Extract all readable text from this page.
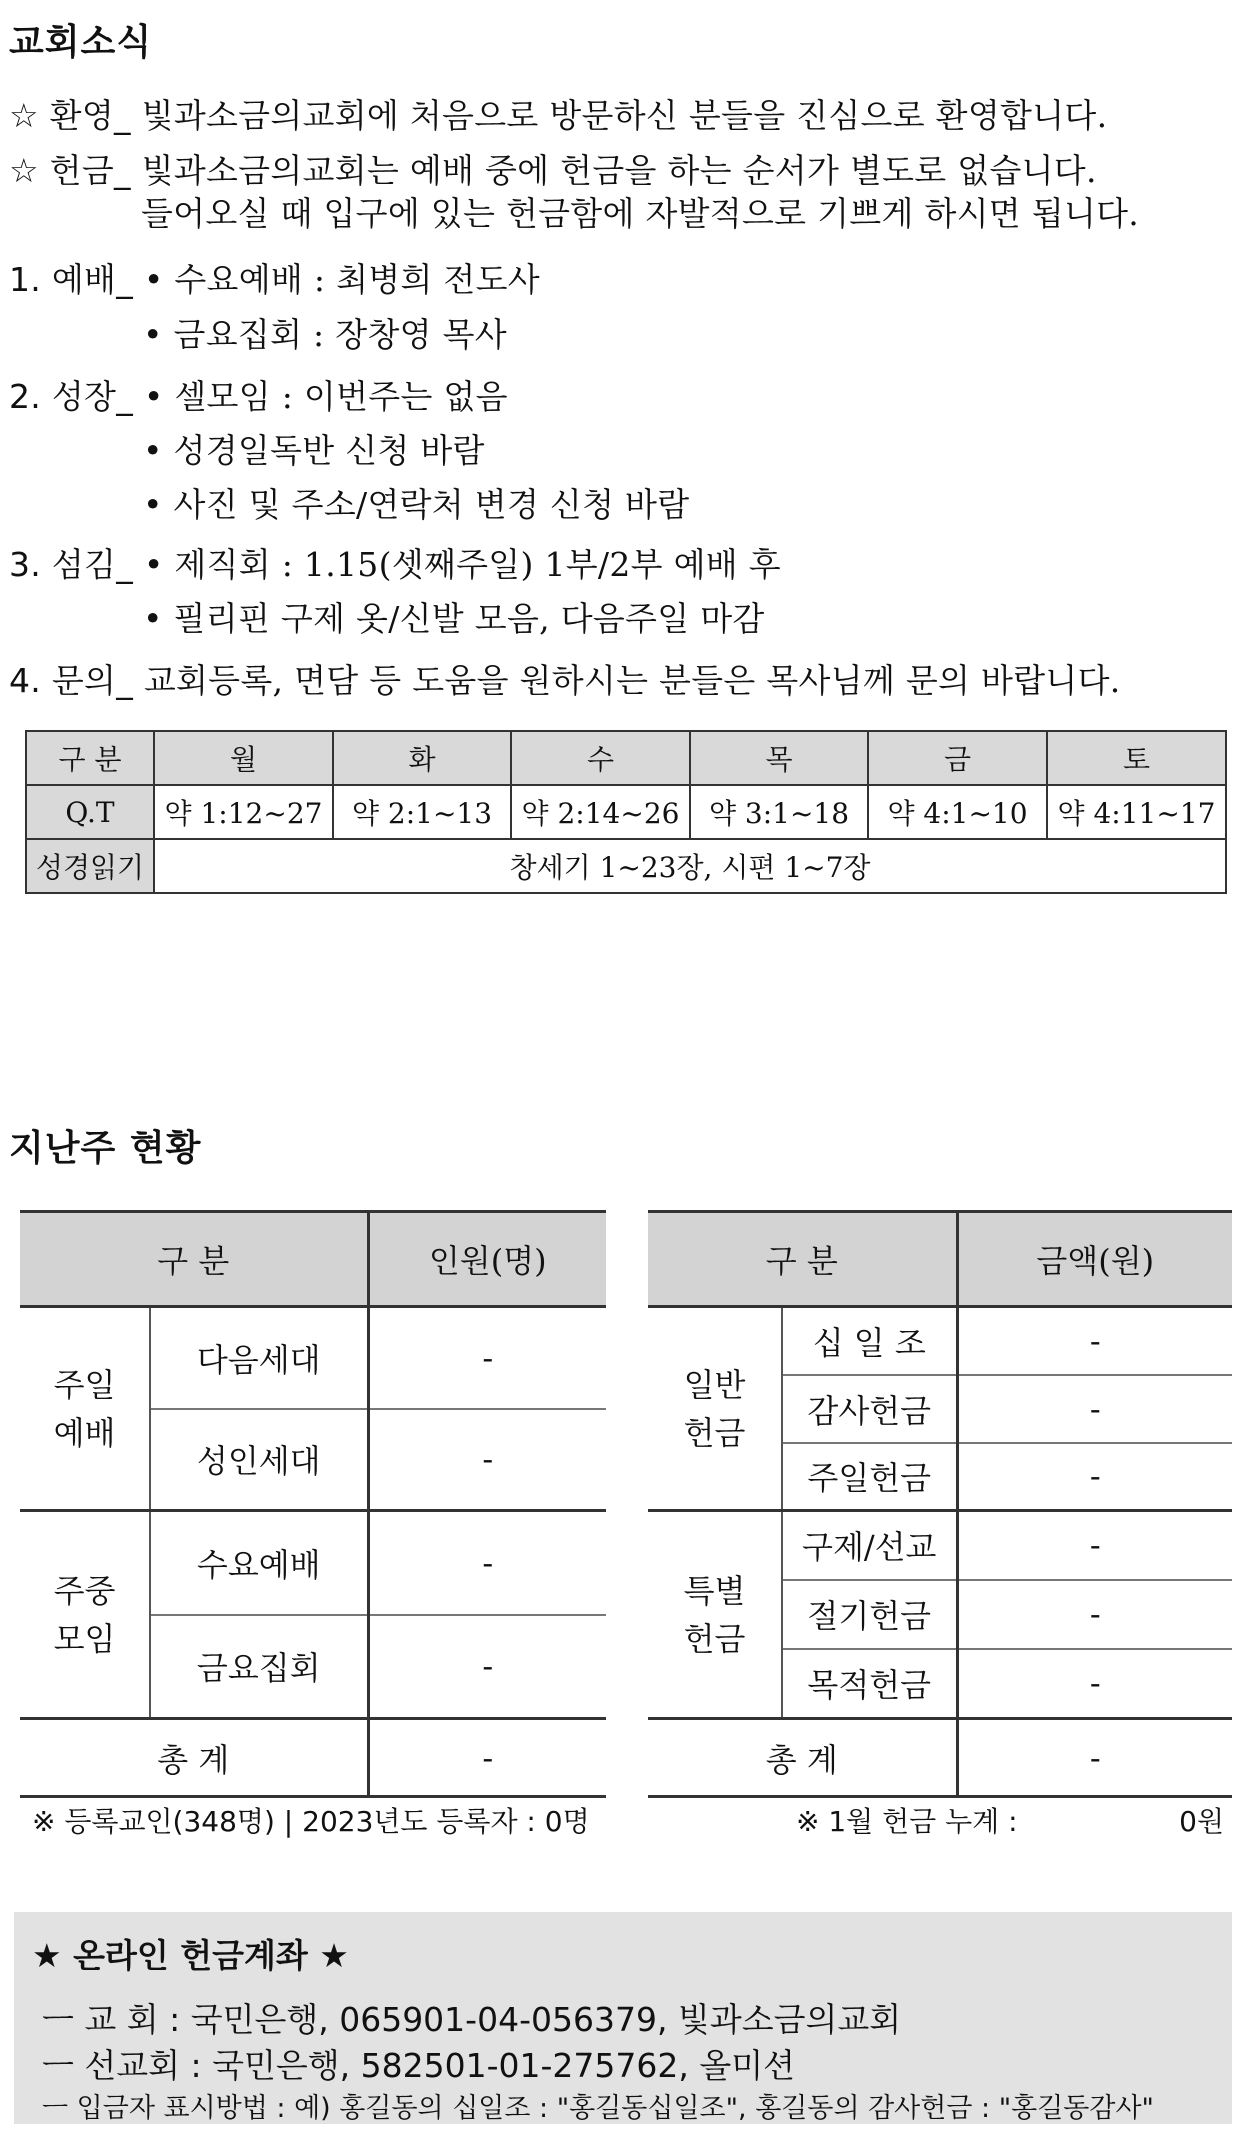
교회소식
☆ 환영_ 빛과소금의교회에 처음으로 방문하신 분들을 진심으로 환영합니다.
☆ 헌금_ 빛과소금의교회는 예배 중에 헌금을 하는 순서가 별도로 없습니다.
들어오실 때 입구에 있는 헌금함에 자발적으로 기쁘게 하시면 됩니다.
1. 예배_ • 수요예배 : 최병희 전도사
• 금요집회 : 장창영 목사
2. 성장_ • 셀모임 : 이번주는 없음
• 성경일독반 신청 바람
• 사진 및 주소/연락처 변경 신청 바람
3. 섬김_ • 제직회 : 1.15(셋째주일) 1부/2부 예배 후
• 필리핀 구제 옷/신발 모음, 다음주일 마감
4. 문의_ 교회등록, 면담 등 도움을 원하시는 분들은 목사님께 문의 바랍니다.
구 분	월	화	수	목	금	토
Q.T	약 1:12~27	약 2:1~13	약 2:14~26	약 3:1~18	약 4:1~10	약 4:11~17
성경읽기	창세기 1~23장, 시편 1~7장					
지난주 현황
구 분		인원(명)

주일
예배	다음세대	-
	성인세대	-

주중
모임	수요예배	-
	금요집회	-
총 계		-
구 분		금액(원)

일반
헌금	십 일 조	-
	감사헌금	-
	주일헌금	-

특별
헌금	구제/선교	-
	절기헌금	-
	목적헌금	-
총 계		-
※ 등록교인(348명) | 2023년도 등록자 : 0명	※ 1월 헌금 누계 :	0원
★ 온라인 헌금계좌 ★
ㅡ 교 회 : 국민은행, 065901-04-056379, 빛과소금의교회
ㅡ 선교회 : 국민은행, 582501-01-275762, 올미션
ㅡ 입금자 표시방법 : 예) 홍길동의 십일조 : "홍길동십일조", 홍길동의 감사헌금 : "홍길동감사"
